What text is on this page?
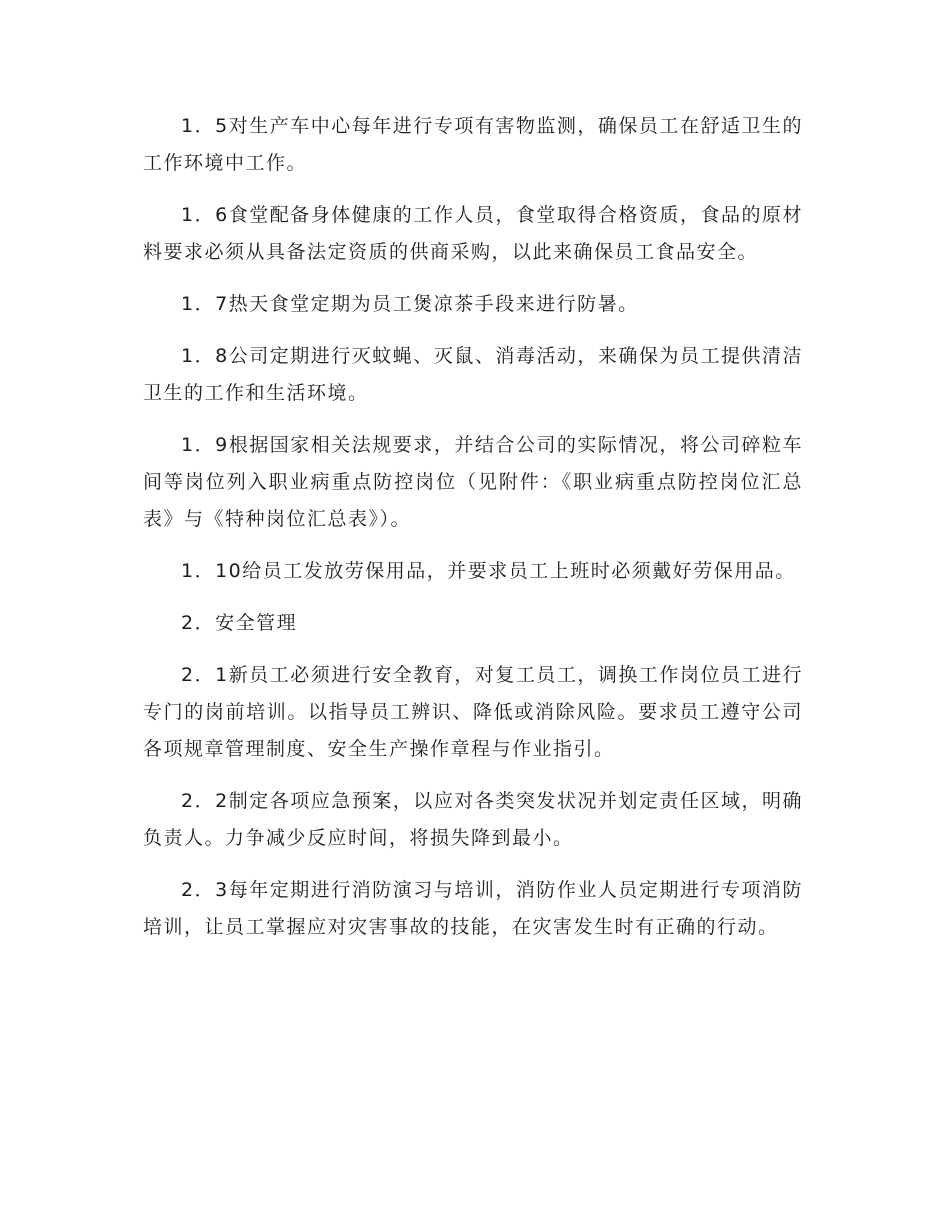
1．5对生产车中心每年进行专项有害物监测，确保员工在舒适卫生的工作环境中工作。

1．6食堂配备身体健康的工作人员，食堂取得合格资质，食品的原材料要求必须从具备法定资质的供商采购，以此来确保员工食品安全。

1．7热天食堂定期为员工煲凉茶手段来进行防暑。

1．8公司定期进行灭蚊蝇、灭鼠、消毒活动，来确保为员工提供清洁卫生的工作和生活环境。

1．9根据国家相关法规要求，并结合公司的实际情况，将公司碎粒车间等岗位列入职业病重点防控岗位（见附件：《职业病重点防控岗位汇总表》与《特种岗位汇总表》）。

1．10给员工发放劳保用品，并要求员工上班时必须戴好劳保用品。

2．安全管理

2．1新员工必须进行安全教育，对复工员工，调换工作岗位员工进行专门的岗前培训。以指导员工辨识、降低或消除风险。要求员工遵守公司各项规章管理制度、安全生产操作章程与作业指引。

2．2制定各项应急预案，以应对各类突发状况并划定责任区域，明确负责人。力争减少反应时间，将损失降到最小。

2．3每年定期进行消防演习与培训，消防作业人员定期进行专项消防培训，让员工掌握应对灾害事故的技能，在灾害发生时有正确的行动。
